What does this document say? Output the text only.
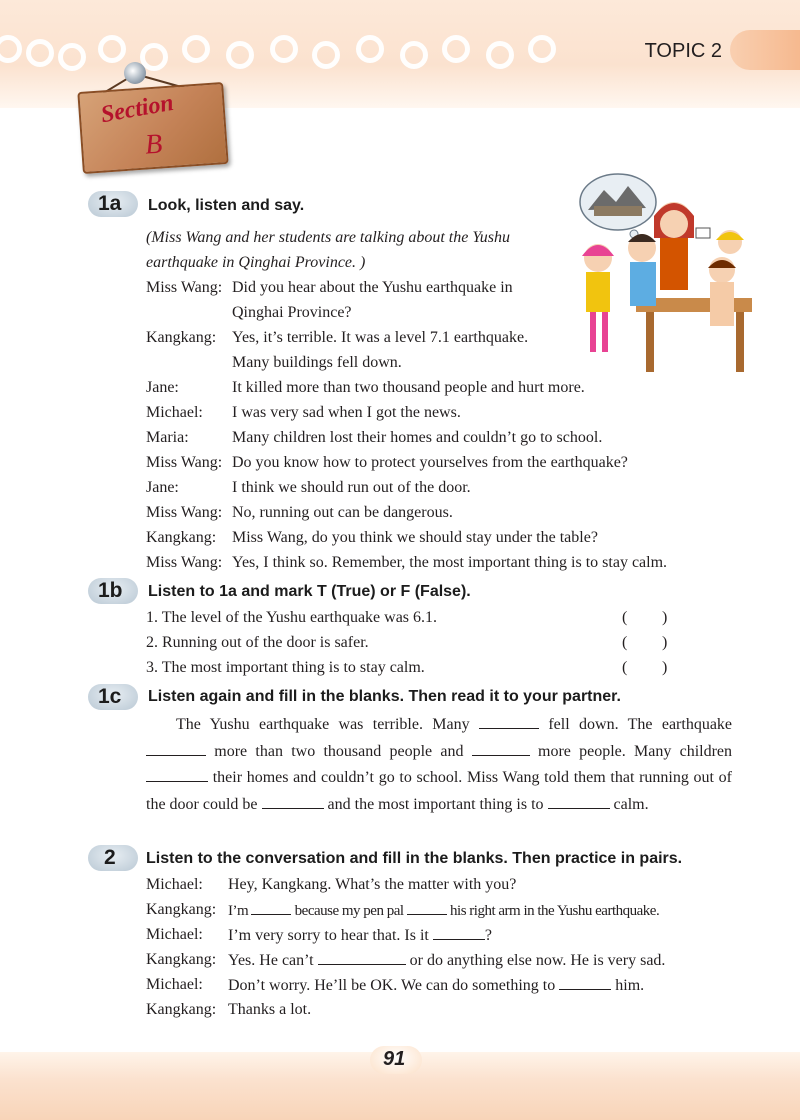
TOPIC 2
Section
B
1a Look, listen and say.
(Miss Wang and her students are talking about the Yushu
earthquake in Qinghai Province. )
Miss Wang: Did you hear about the Yushu earthquake in
Qinghai Province?
Kangkang: Yes, it’s terrible. It was a level 7.1 earthquake.
Many buildings fell down.
Jane:	It killed more than two thousand people and hurt more.
Michael: I was very sad when I got the news.
Maria:	Many children lost their homes and couldn’t go to school.
Miss Wang: Do you know how to protect yourselves from the earthquake?
Jane:	I think we should run out of the door.
Miss Wang: No, running out can be dangerous.
Kangkang: Miss Wang, do you think we should stay under the table?
Miss Wang: Yes, I think so. Remember, the most important thing is to stay calm.
1b Listen to 1a and mark T (True) or F (False).
1. The level of the Yushu earthquake was 6.1.	( )
2. Running out of the door is safer.	( )
3. The most important thing is to stay calm.	( )
1c Listen again and fill in the blanks. Then read it to your partner.
The Yushu earthquake was terrible. Many	fell down. The earthquake  more than two thousand people and	more people. Many children  their homes and couldn’t go to school. Miss Wang told them that running out of the door could be	and the most important thing is to	calm.
2 Listen to the conversation and fill in the blanks. Then practice in pairs.
Michael: Hey, Kangkang. What’s the matter with you?
Kangkang: I’m	because my pen pal	his right arm in the Yushu earthquake.
Michael: I’m very sorry to hear that. Is it	?
Kangkang: Yes. He can’t	or do anything else now. He is very sad.
Michael: Don’t worry. He’ll be OK. We can do something to	him.
Kangkang: Thanks a lot.
91
